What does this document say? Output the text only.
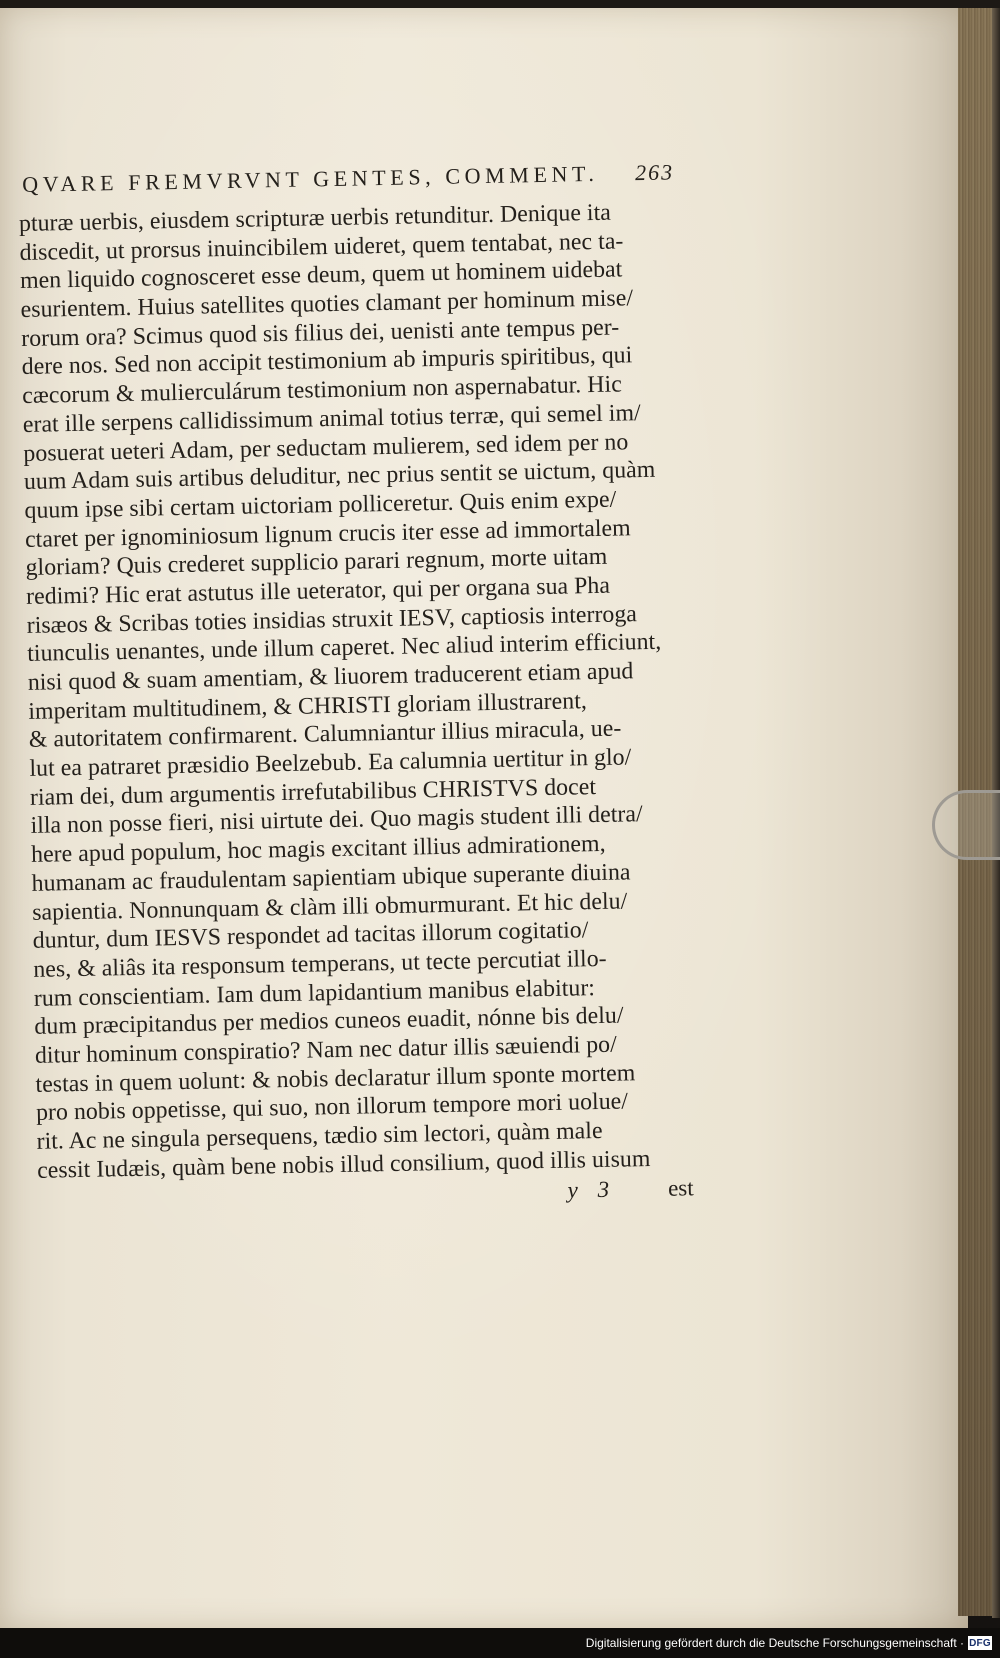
QVARE FREMVRVNT GENTES, COMMENT. 263
pturæ uerbis, eiusdem scripturæ uerbis retunditur. Denique ita
discedit, ut prorsus inuincibilem uideret, quem tentabat, nec ta-
men liquido cognosceret esse deum, quem ut hominem uidebat
esurientem. Huius satellites quoties clamant per hominum mise/
rorum ora? Scimus quod sis filius dei, uenisti ante tempus per-
dere nos. Sed non accipit testimonium ab impuris spiritibus, qui
cæcorum & mulierculárum testimonium non aspernabatur. Hic
erat ille serpens callidissimum animal totius terræ, qui semel im/
posuerat ueteri Adam, per seductam mulierem, sed idem per no
uum Adam suis artibus deluditur, nec prius sentit se uictum, quàm
quum ipse sibi certam uictoriam polliceretur. Quis enim expe/
ctaret per ignominiosum lignum crucis iter esse ad immortalem
gloriam? Quis crederet supplicio parari regnum, morte uitam
redimi? Hic erat astutus ille ueterator, qui per organa sua Pha
risæos & Scribas toties insidias struxit IESV, captiosis interroga
tiunculis uenantes, unde illum caperet. Nec aliud interim efficiunt,
nisi quod & suam amentiam, & liuorem traducerent etiam apud
imperitam multitudinem, & CHRISTI gloriam illustrarent,
& autoritatem confirmarent. Calumniantur illius miracula, ue-
lut ea patraret præsidio Beelzebub. Ea calumnia uertitur in glo/
riam dei, dum argumentis irrefutabilibus CHRISTVS docet
illa non posse fieri, nisi uirtute dei. Quo magis student illi detra/
here apud populum, hoc magis excitant illius admirationem,
humanam ac fraudulentam sapientiam ubique superante diuina
sapientia. Nonnunquam & clàm illi obmurmurant. Et hic delu/
duntur, dum IESVS respondet ad tacitas illorum cogitatio/
nes, & aliâs ita responsum temperans, ut tecte percutiat illo-
rum conscientiam. Iam dum lapidantium manibus elabitur:
dum præcipitandus per medios cuneos euadit, nónne bis delu/
ditur hominum conspiratio? Nam nec datur illis sæuiendi po/
testas in quem uolunt: & nobis declaratur illum sponte mortem
pro nobis oppetisse, qui suo, non illorum tempore mori uolue/
rit. Ac ne singula persequens, tædio sim lectori, quàm male
cessit Iudæis, quàm bene nobis illud consilium, quod illis uisum
y 3 est
Digitalisierung gefördert durch die Deutsche Forschungsgemeinschaft · DFG
